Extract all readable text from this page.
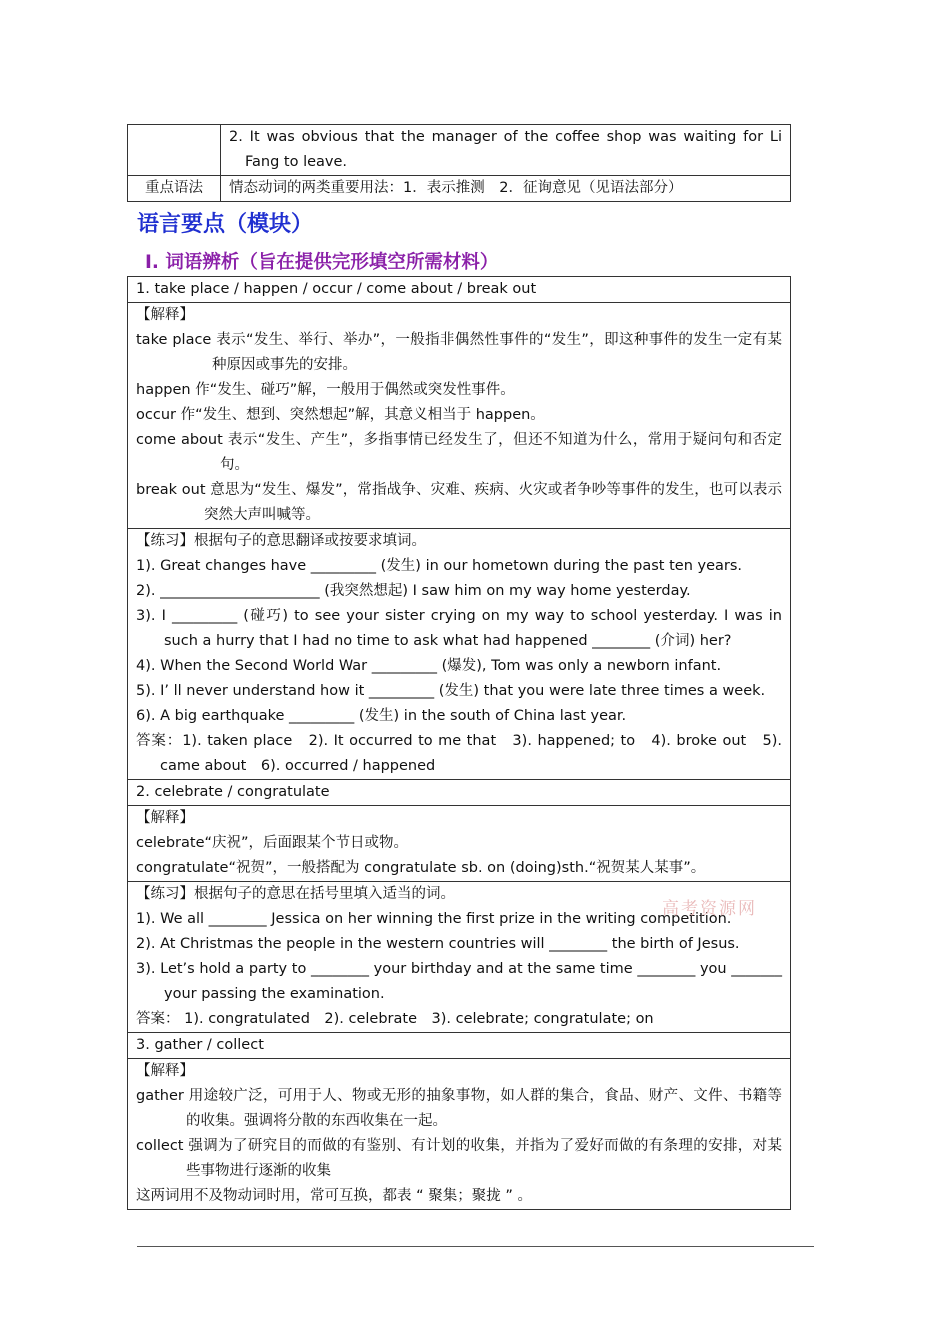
	2. It was obvious that the manager of the coffee shop was waiting for Li Fang to leave.

重点语法	情态动词的两类重要用法：1．表示推测　2．征询意见（见语法部分）
语言要点（模块）
Ⅰ. 词语辨析（旨在提供完形填空所需材料）
1. take place / happen / occur / come about / break out

【解释】
take place 表示“发生、举行、举办”，一般指非偶然性事件的“发生”，即这种事件的发生一定有某种原因或事先的安排。
happen 作“发生、碰巧”解，一般用于偶然或突发性事件。
occur 作“发生、想到、突然想起”解，其意义相当于 happen。
come about 表示“发生、产生”，多指事情已经发生了，但还不知道为什么，常用于疑问句和否定句。
break out 意思为“发生、爆发”，常指战争、灾难、疾病、火灾或者争吵等事件的发生，也可以表示突然大声叫喊等。

【练习】根据句子的意思翻译或按要求填词。
1). Great changes have _________ (发生) in our hometown during the past ten years.
2). ______________________ (我突然想起) I saw him on my way home yesterday.
3). I _________ (碰巧) to see your sister crying on my way to school yesterday. I was in such a hurry that I had no time to ask what had happened ________ (介词) her?
4). When the Second World War _________ (爆发), Tom was only a newborn infant.
5). I’ ll never understand how it _________ (发生) that you were late three times a week.
6). A big earthquake _________ (发生) in the south of China last year.
答案：1). taken place　2). It occurred to me that　3). happened; to　4). broke out　5). came about　6). occurred / happened

2. celebrate / congratulate

【解释】
celebrate“庆祝”，后面跟某个节日或物。
congratulate“祝贺”，一般搭配为 congratulate sb. on (doing)sth.“祝贺某人某事”。

【练习】根据句子的意思在括号里填入适当的词。
1). We all ________ Jessica on her winning the first prize in the writing competition.
2). At Christmas the people in the western countries will ________ the birth of Jesus.
3). Let’s hold a party to ________ your birthday and at the same time ________ you _______ your passing the examination.
答案： 1). congratulated　2). celebrate　3). celebrate; congratulate; on

3. gather / collect

【解释】
gather 用途较广泛，可用于人、物或无形的抽象事物，如人群的集合，食品、财产、文件、书籍等的收集。强调将分散的东西收集在一起。
collect 强调为了研究目的而做的有鉴别、有计划的收集，并指为了爱好而做的有条理的安排，对某些事物进行逐渐的收集
这两词用不及物动词时用，常可互换，都表 “ 聚集；聚拢 ” 。
高考资源网
